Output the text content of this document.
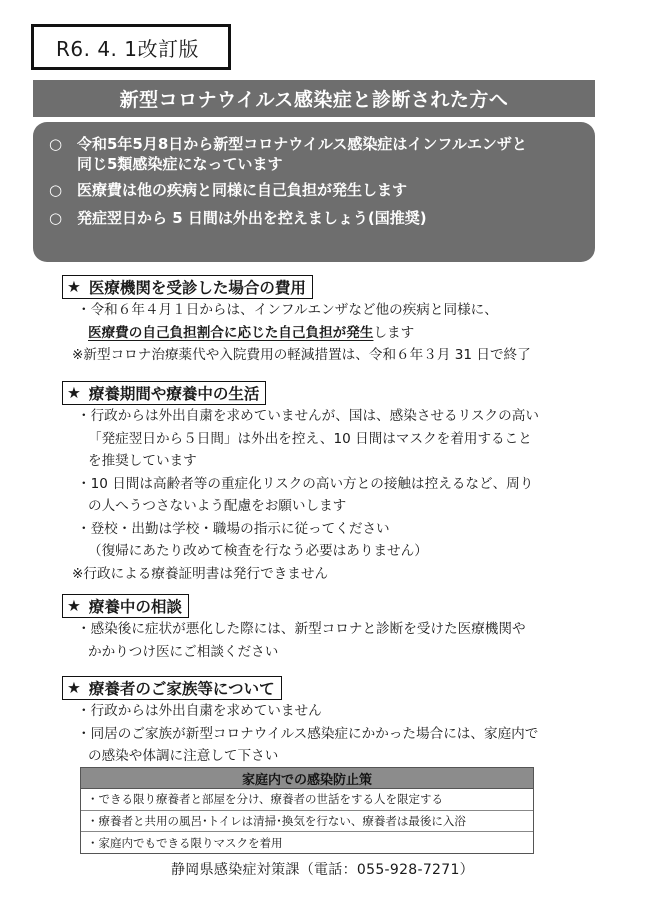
R6. 4. 1改訂版
新型コロナウイルス感染症と診断された方へ
○ 令和5年5月8日から新型コロナウイルス感染症はインフルエンザと
同じ5類感染症になっています
○ 医療費は他の疾病と同様に自己負担が発生します
○ 発症翌日から 5 日間は外出を控えましょう(国推奨)
★ 医療機関を受診した場合の費用
・令和６年４月１日からは、インフルエンザなど他の疾病と同様に、
医療費の自己負担割合に応じた自己負担が発生します
※新型コロナ治療薬代や入院費用の軽減措置は、令和６年３月 31 日で終了
★ 療養期間や療養中の生活
・行政からは外出自粛を求めていませんが、国は、感染させるリスクの高い
「発症翌日から５日間」は外出を控え、10 日間はマスクを着用すること
を推奨しています
・10 日間は高齢者等の重症化リスクの高い方との接触は控えるなど、周り
の人へうつさないよう配慮をお願いします
・登校・出勤は学校・職場の指示に従ってください
（復帰にあたり改めて検査を行なう必要はありません）
※行政による療養証明書は発行できません
★ 療養中の相談
・感染後に症状が悪化した際には、新型コロナと診断を受けた医療機関や
かかりつけ医にご相談ください
★ 療養者のご家族等について
・行政からは外出自粛を求めていません
・同居のご家族が新型コロナウイルス感染症にかかった場合には、家庭内で
の感染や体調に注意して下さい
家庭内での感染防止策
・できる限り療養者と部屋を分け、療養者の世話をする人を限定する
・療養者と共用の風呂･トイレは清掃･換気を行ない、療養者は最後に入浴
・家庭内でもできる限りマスクを着用
静岡県感染症対策課（電話：055-928-7271）
